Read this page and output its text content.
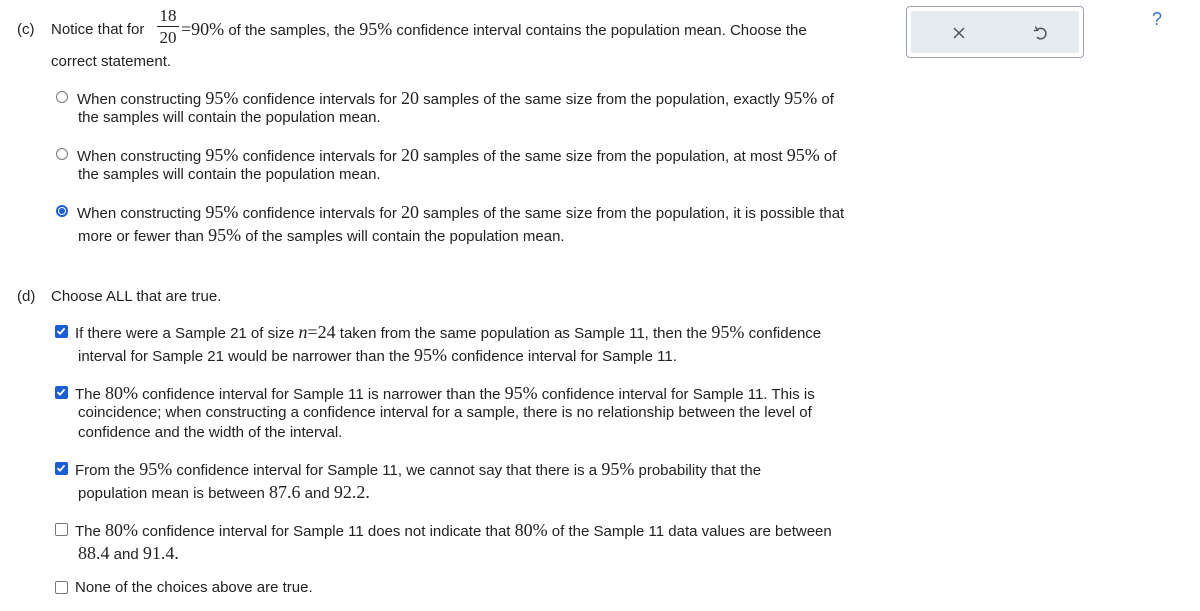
(c) Notice that for
18
20 =90% of the samples, the 95% confidence interval contains the population mean. Choose the
correct statement.
When constructing 95% confidence intervals for 20 samples of the same size from the population, exactly 95% of
the samples will contain the population mean.
When constructing 95% confidence intervals for 20 samples of the same size from the population, at most 95% of
the samples will contain the population mean.
When constructing 95% confidence intervals for 20 samples of the same size from the population, it is possible that
more or fewer than 95% of the samples will contain the population mean.
(d) Choose ALL that are true.
If there were a Sample 21 of size n=24 taken from the same population as Sample 11, then the 95% confidence
interval for Sample 21 would be narrower than the 95% confidence interval for Sample 11.
The 80% confidence interval for Sample 11 is narrower than the 95% confidence interval for Sample 11. This is
coincidence; when constructing a confidence interval for a sample, there is no relationship between the level of
confidence and the width of the interval.
From the 95% confidence interval for Sample 11, we cannot say that there is a 95% probability that the
population mean is between 87.6 and 92.2.
The 80% confidence interval for Sample 11 does not indicate that 80% of the Sample 11 data values are between
88.4 and 91.4.
None of the choices above are true.
?
